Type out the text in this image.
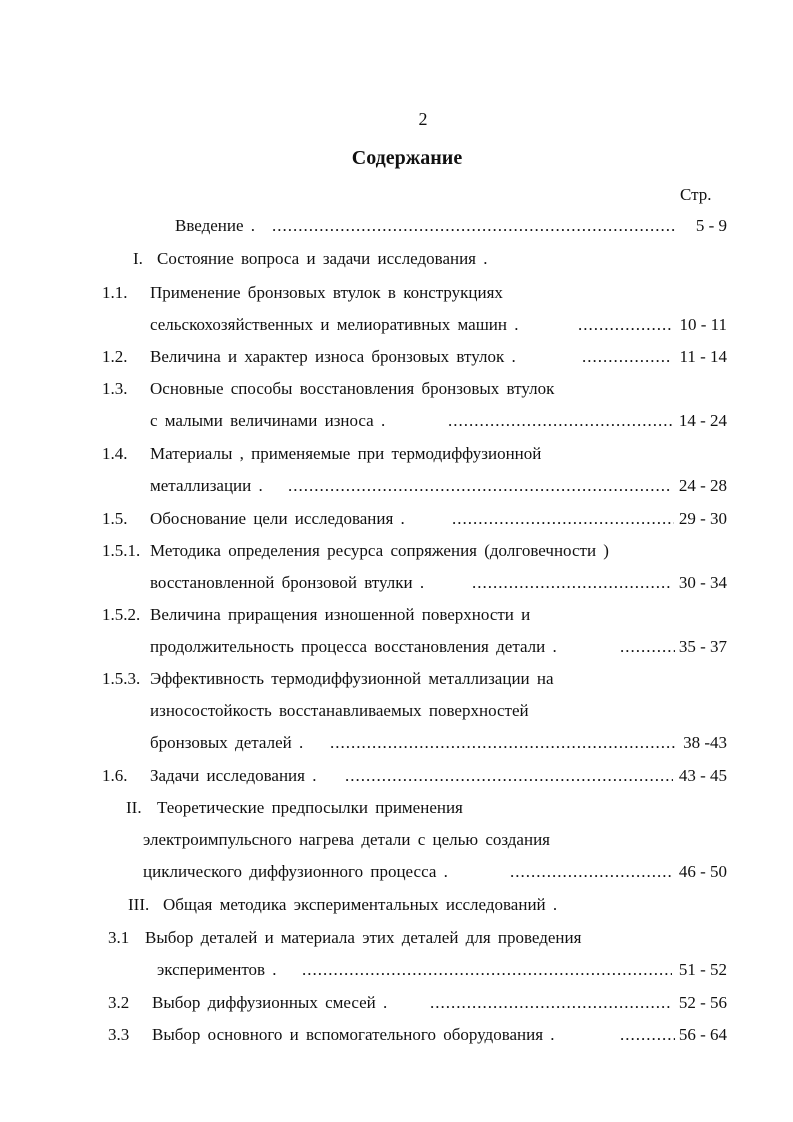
2
Содержание
Стр.
Введение . .....	5 - 9
I. Состояние вопроса и задачи исследования .
1.1. Применение бронзовых втулок в конструкциях
сельскохозяйственных и мелиоративных машин . .....	10 - 11
1.2. Величина и характер износа бронзовых втулок . .....	11 - 14
1.3. Основные способы восстановления бронзовых втулок
с малыми величинами износа . .....	14 - 24
1.4. Материалы , применяемые при термодиффузионной
металлизации . .....	24 - 28
1.5. Обоснование цели исследования . .....	29 - 30
1.5.1. Методика определения ресурса сопряжения (долговечности )
восстановленной бронзовой втулки . .....	30 - 34
1.5.2. Величина приращения изношенной поверхности и
продолжительность процесса восстановления детали . .....	35 - 37
1.5.3. Эффективность термодиффузионной металлизации на
износостойкость восстанавливаемых поверхностей
бронзовых деталей . .....	38 -43
1.6. Задачи исследования . .....	43 - 45
II. Теоретические предпосылки применения
электроимпульсного нагрева детали с целью создания
циклического диффузионного процесса . .....	46 - 50
III. Общая методика экспериментальных исследований .
3.1 Выбор деталей и материала этих деталей для проведения
экспериментов . .....	51 - 52
3.2 Выбор диффузионных смесей . .....	52 - 56
3.3 Выбор основного и вспомогательного оборудования . .....	56 - 64
